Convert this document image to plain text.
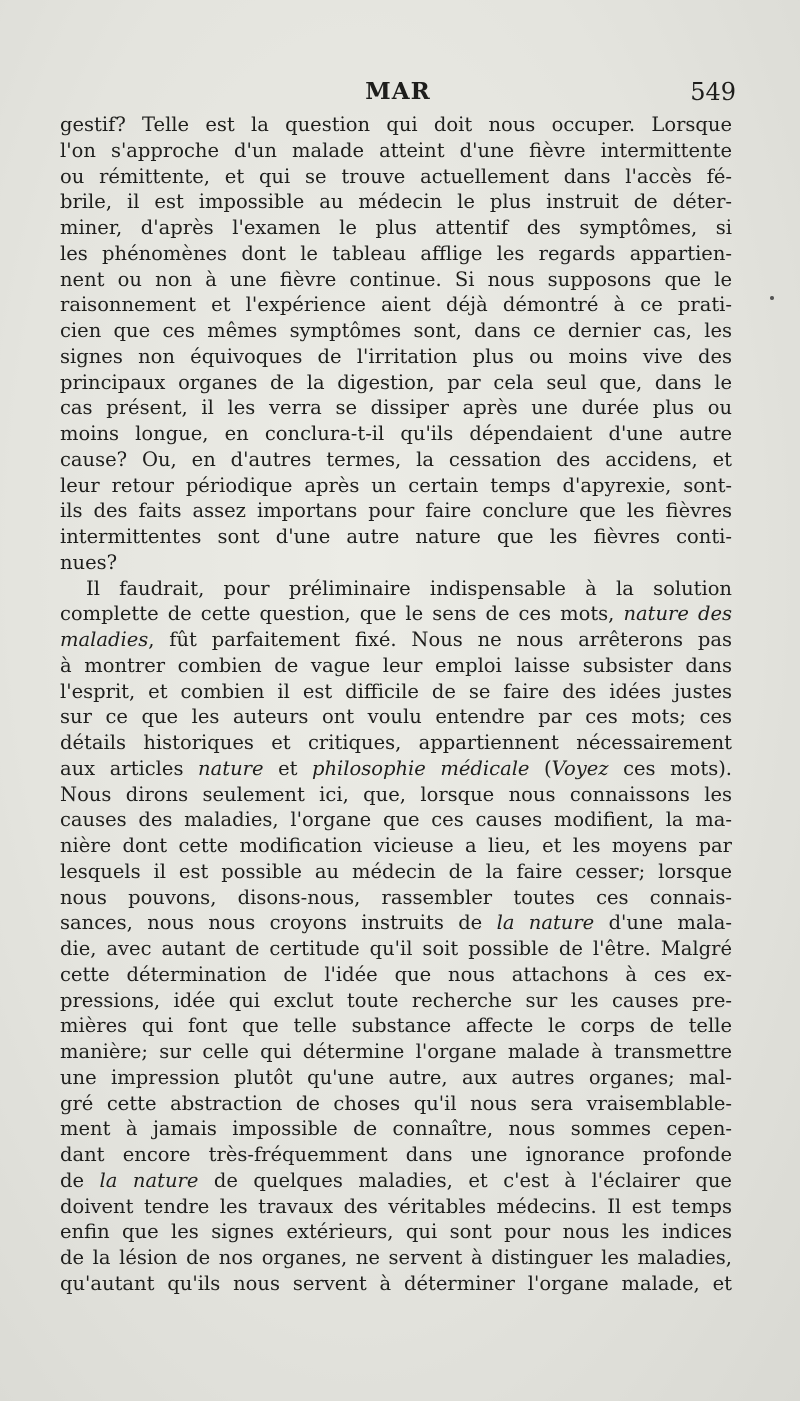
MAR	549
gestif? Telle est la question qui doit nous occuper. Lorsque
l'on s'approche d'un malade atteint d'une fièvre intermittente
ou rémittente, et qui se trouve actuellement dans l'accès fé-
brile, il est impossible au médecin le plus instruit de déter-
miner, d'après l'examen le plus attentif des symptômes, si
les phénomènes dont le tableau afflige les regards appartien-
nent ou non à une fièvre continue. Si nous supposons que le
raisonnement et l'expérience aient déjà démontré à ce prati-
cien que ces mêmes symptômes sont, dans ce dernier cas, les
signes non équivoques de l'irritation plus ou moins vive des
principaux organes de la digestion, par cela seul que, dans le
cas présent, il les verra se dissiper après une durée plus ou
moins longue, en conclura-t-il qu'ils dépendaient d'une autre
cause? Ou, en d'autres termes, la cessation des accidens, et
leur retour périodique après un certain temps d'apyrexie, sont-
ils des faits assez importans pour faire conclure que les fièvres
intermittentes sont d'une autre nature que les fièvres conti-
nues?
Il faudrait, pour préliminaire indispensable à la solution
complette de cette question, que le sens de ces mots, nature des
maladies, fût parfaitement fixé. Nous ne nous arrêterons pas
à montrer combien de vague leur emploi laisse subsister dans
l'esprit, et combien il est difficile de se faire des idées justes
sur ce que les auteurs ont voulu entendre par ces mots; ces
détails historiques et critiques, appartiennent nécessairement
aux articles nature et philosophie médicale (Voyez ces mots).
Nous dirons seulement ici, que, lorsque nous connaissons les
causes des maladies, l'organe que ces causes modifient, la ma-
nière dont cette modification vicieuse a lieu, et les moyens par
lesquels il est possible au médecin de la faire cesser; lorsque
nous pouvons, disons-nous, rassembler toutes ces connais-
sances, nous nous croyons instruits de la nature d'une mala-
die, avec autant de certitude qu'il soit possible de l'être. Malgré
cette détermination de l'idée que nous attachons à ces ex-
pressions, idée qui exclut toute recherche sur les causes pre-
mières qui font que telle substance affecte le corps de telle
manière; sur celle qui détermine l'organe malade à transmettre
une impression plutôt qu'une autre, aux autres organes; mal-
gré cette abstraction de choses qu'il nous sera vraisemblable-
ment à jamais impossible de connaître, nous sommes cepen-
dant encore très-fréquemment dans une ignorance profonde
de la nature de quelques maladies, et c'est à l'éclairer que
doivent tendre les travaux des véritables médecins. Il est temps
enfin que les signes extérieurs, qui sont pour nous les indices
de la lésion de nos organes, ne servent à distinguer les maladies,
qu'autant qu'ils nous servent à déterminer l'organe malade, et
